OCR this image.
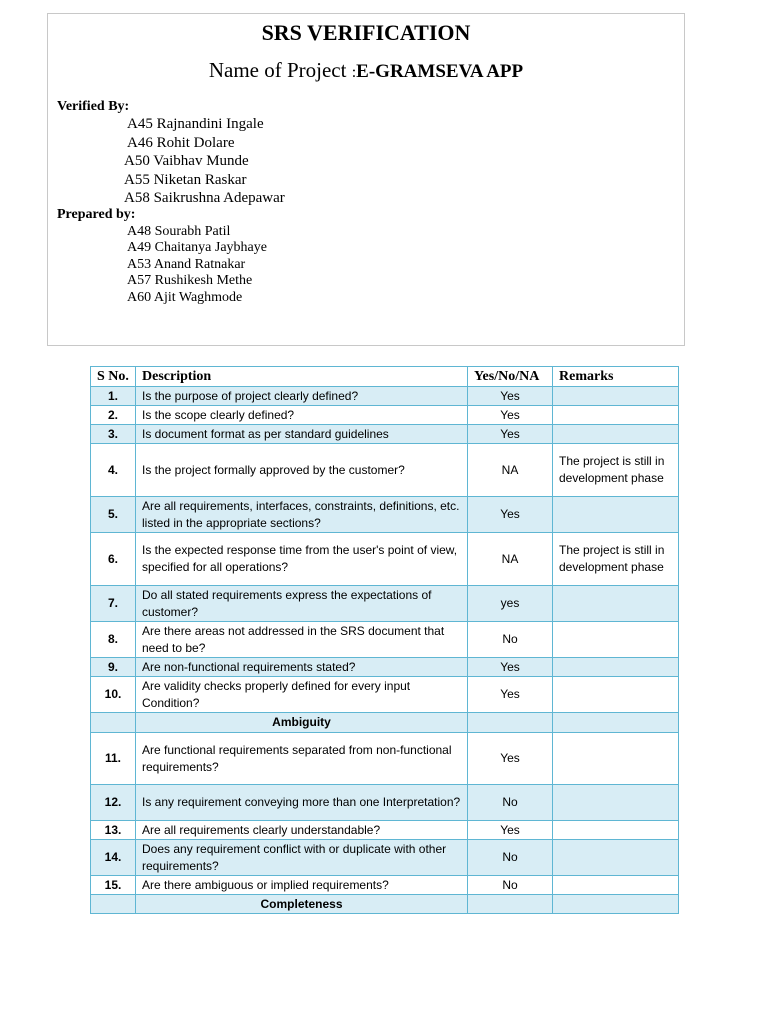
SRS VERIFICATION
Name of Project :E-GRAMSEVA APP
Verified By:
A45 Rajnandini Ingale
A46 Rohit Dolare
A50 Vaibhav Munde
A55 Niketan Raskar
A58 Saikrushna Adepawar
Prepared by:
A48 Sourabh Patil
A49 Chaitanya Jaybhaye
A53 Anand Ratnakar
A57 Rushikesh Methe
A60 Ajit Waghmode
S No.	Description	Yes/No/NA	Remarks
1.	Is the purpose of project clearly defined?	Yes	
2.	Is the scope clearly defined?	Yes	
3.	Is document format as per standard guidelines	Yes	
4.	Is the project formally approved by the customer?	NA	The project is still in development phase
5.	Are all requirements, interfaces, constraints, definitions, etc. listed in the appropriate sections?	Yes	
6.	Is the expected response time from the user's point of view, specified for all operations?	NA	The project is still in development phase
7.	Do all stated requirements express the expectations of customer?	yes	
8.	Are there areas not addressed in the SRS document that need to be?	No	
9.	Are non-functional requirements stated?	Yes	
10.	Are validity checks properly defined for every input Condition?	Yes	
	Ambiguity		
11.	Are functional requirements separated from non-functional requirements?	Yes	
12.	Is any requirement conveying more than one Interpretation?	No	
13.	Are all requirements clearly understandable?	Yes	
14.	Does any requirement conflict with or duplicate with other requirements?	No	
15.	Are there ambiguous or implied requirements?	No	
	Completeness		
